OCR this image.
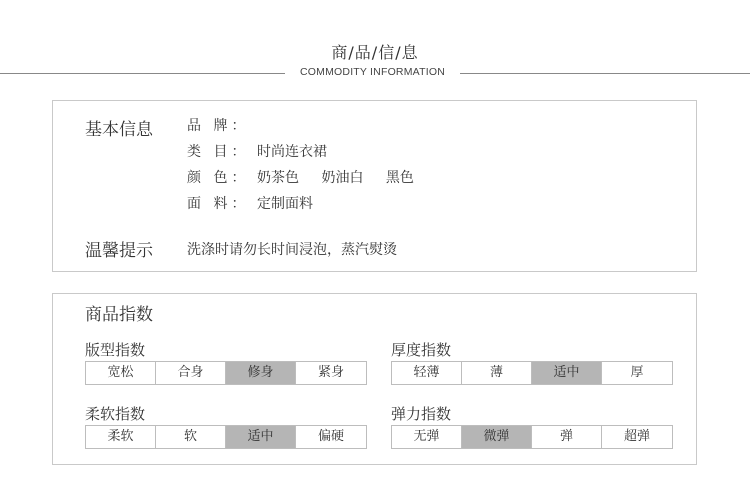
商/品/信/息
COMMODITY INFORMATION
基本信息 品 牌：
类 目： 时尚连衣裙
颜 色： 奶茶色 奶油白 黑色
面 料： 定制面料
温馨提示 洗涤时请勿长时间浸泡，蒸汽熨烫
商品指数
版型指数
宽松	合身	修身	紧身
厚度指数
轻薄	薄	适中	厚
柔软指数
柔软	软	适中	偏硬
弹力指数
无弹	微弹	弹	超弹
